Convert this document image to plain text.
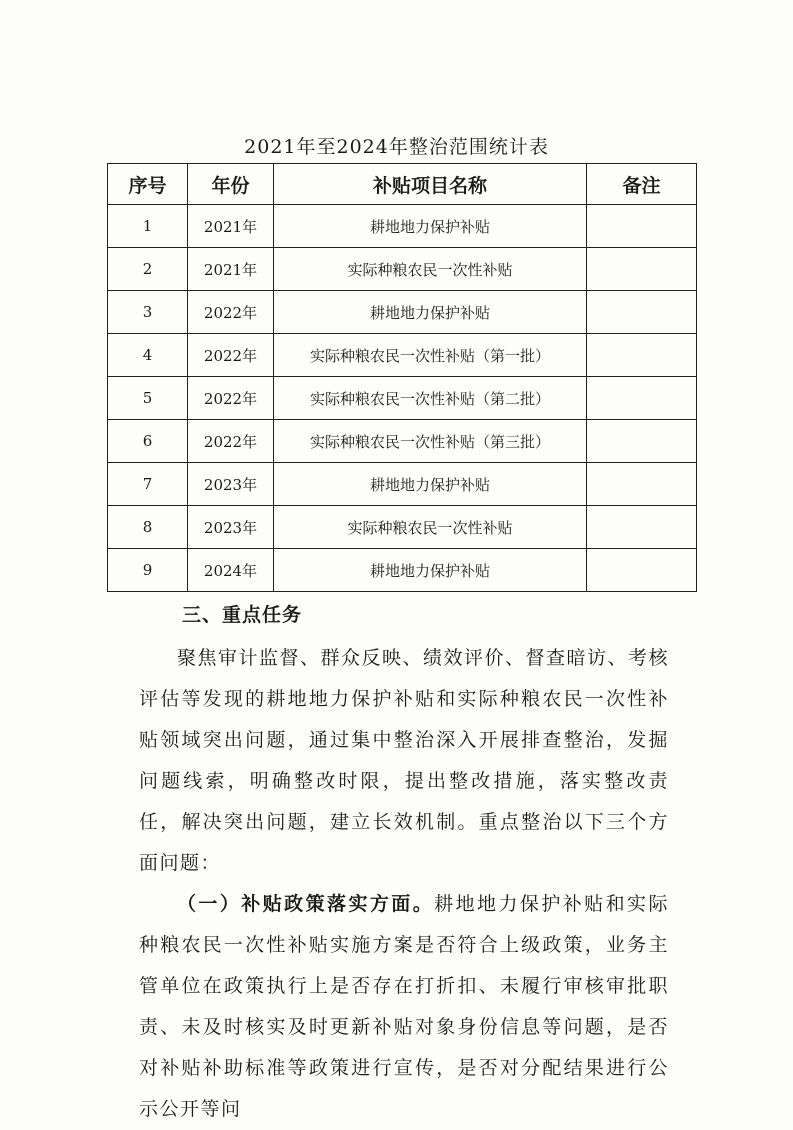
2021年至2024年整治范围统计表
序号	年份	补贴项目名称	备注
1	2021年	耕地地力保护补贴	
2	2021年	实际种粮农民一次性补贴	
3	2022年	耕地地力保护补贴	
4	2022年	实际种粮农民一次性补贴（第一批）	
5	2022年	实际种粮农民一次性补贴（第二批）	
6	2022年	实际种粮农民一次性补贴（第三批）	
7	2023年	耕地地力保护补贴	
8	2023年	实际种粮农民一次性补贴	
9	2024年	耕地地力保护补贴	
三、重点任务

聚焦审计监督、群众反映、绩效评价、督查暗访、考核评估等发现的耕地地力保护补贴和实际种粮农民一次性补贴领域突出问题，通过集中整治深入开展排查整治，发掘问题线索，明确整改时限，提出整改措施，落实整改责任，解决突出问题，建立长效机制。重点整治以下三个方面问题：

（一）补贴政策落实方面。耕地地力保护补贴和实际种粮农民一次性补贴实施方案是否符合上级政策，业务主管单位在政策执行上是否存在打折扣、未履行审核审批职责、未及时核实及时更新补贴对象身份信息等问题，是否对补贴补助标准等政策进行宣传，是否对分配结果进行公示公开等问
